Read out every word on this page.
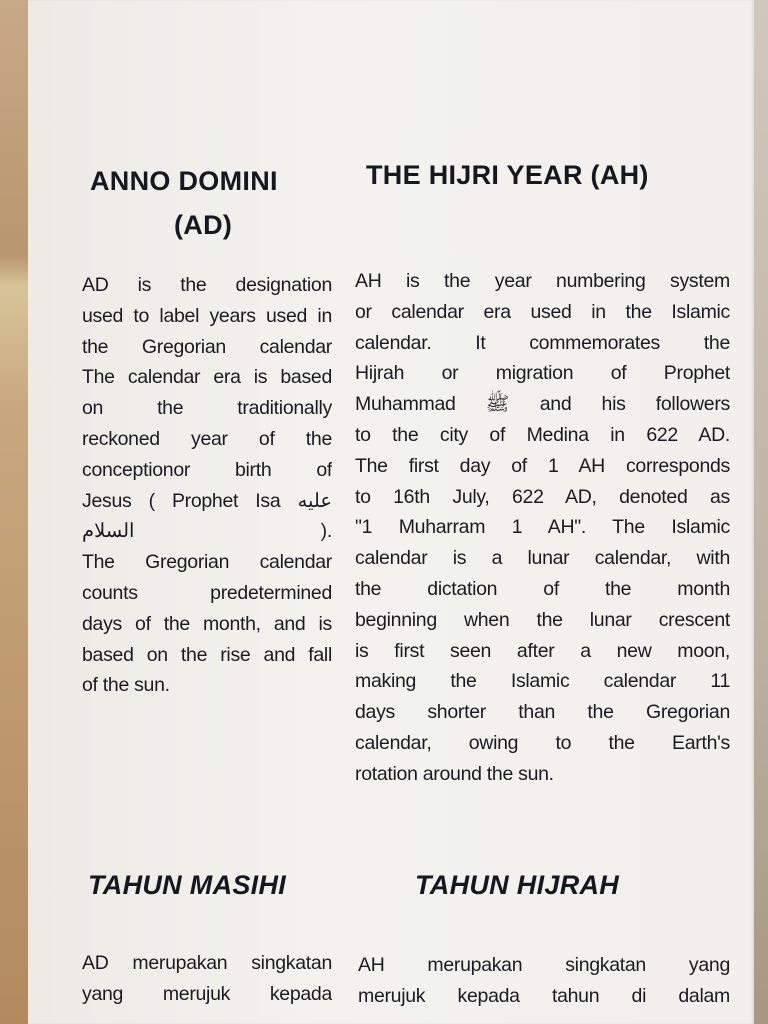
ANNO DOMINI
(AD)
THE HIJRI YEAR (AH)
AD is the designation
used to label years used in
the Gregorian calendar
The calendar era is based
on the traditionally
reckoned year of the
conceptionor birth of
Jesus ( Prophet Isa عليه السلام ).
The Gregorian calendar
counts predetermined
days of the month, and is
based on the rise and fall
of the sun.
AH is the year numbering system
or calendar era used in the Islamic
calendar. It commemorates the
Hijrah or migration of Prophet
Muhammad ﷺ and his followers
to the city of Medina in 622 AD.
The first day of 1 AH corresponds
to 16th July, 622 AD, denoted as
"1 Muharram 1 AH". The Islamic
calendar is a lunar calendar, with
the dictation of the month
beginning when the lunar crescent
is first seen after a new moon,
making the Islamic calendar 11
days shorter than the Gregorian
calendar, owing to the Earth's
rotation around the sun.
TAHUN MASIHI	TAHUN HIJRAH
AD merupakan singkatan
yang merujuk kepada
AH merupakan singkatan yang
merujuk kepada tahun di dalam
